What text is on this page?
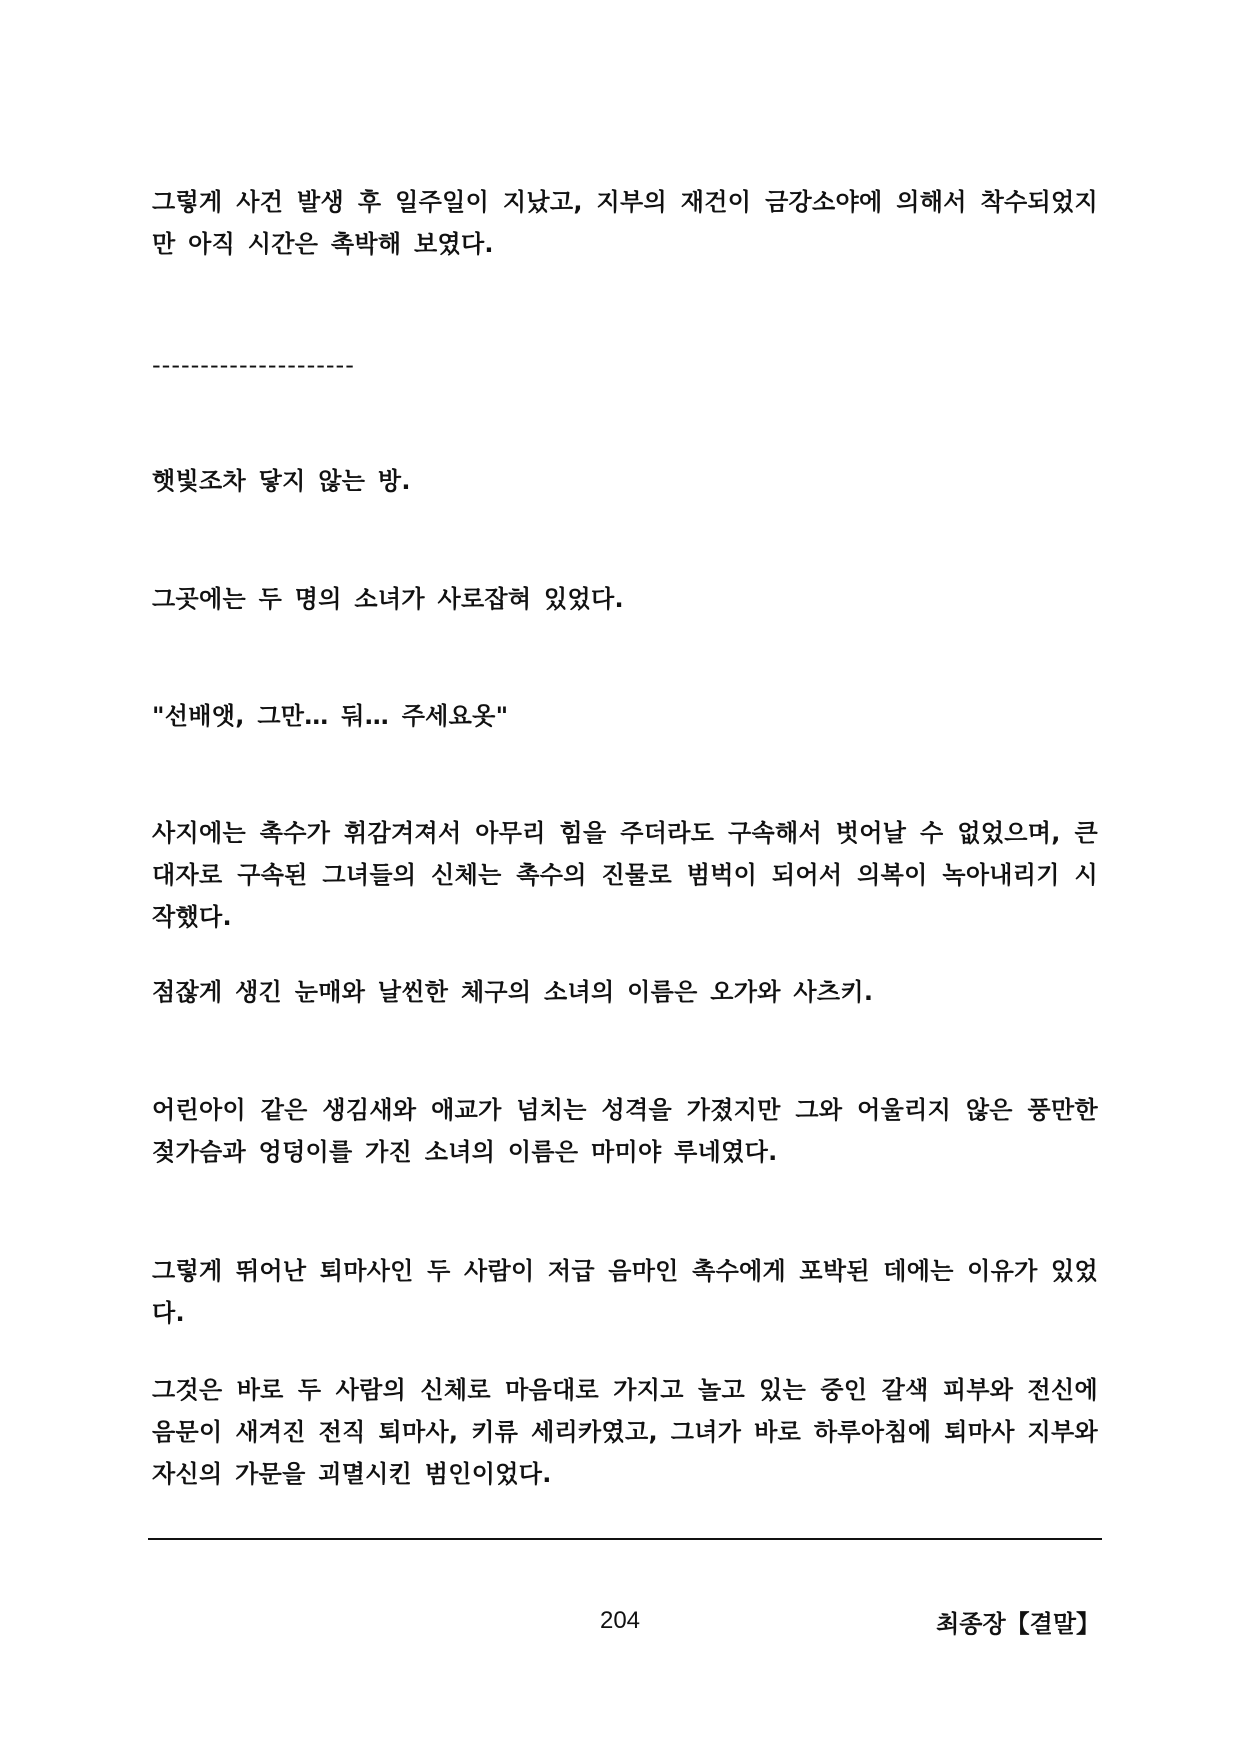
그렇게 사건 발생 후 일주일이 지났고, 지부의 재건이 금강소야에 의해서 착수되었지만 아직 시간은 촉박해 보였다.

---------------------

햇빛조차 닿지 않는 방.

그곳에는 두 명의 소녀가 사로잡혀 있었다.

"선배앳, 그만… 둬… 주세요옷"

사지에는 촉수가 휘감겨져서 아무리 힘을 주더라도 구속해서 벗어날 수 없었으며, 큰대자로 구속된 그녀들의 신체는 촉수의 진물로 범벅이 되어서 의복이 녹아내리기 시작했다.

점잖게 생긴 눈매와 날씬한 체구의 소녀의 이름은 오가와 사츠키.

어린아이 같은 생김새와 애교가 넘치는 성격을 가졌지만 그와 어울리지 않은 풍만한 젖가슴과 엉덩이를 가진 소녀의 이름은 마미야 루네였다.

그렇게 뛰어난 퇴마사인 두 사람이 저급 음마인 촉수에게 포박된 데에는 이유가 있었다.

그것은 바로 두 사람의 신체로 마음대로 가지고 놀고 있는 중인 갈색 피부와 전신에 음문이 새겨진 전직 퇴마사, 키류 세리카였고, 그녀가 바로 하루아침에 퇴마사 지부와 자신의 가문을 괴멸시킨 범인이었다.

204	최종장【결말】
